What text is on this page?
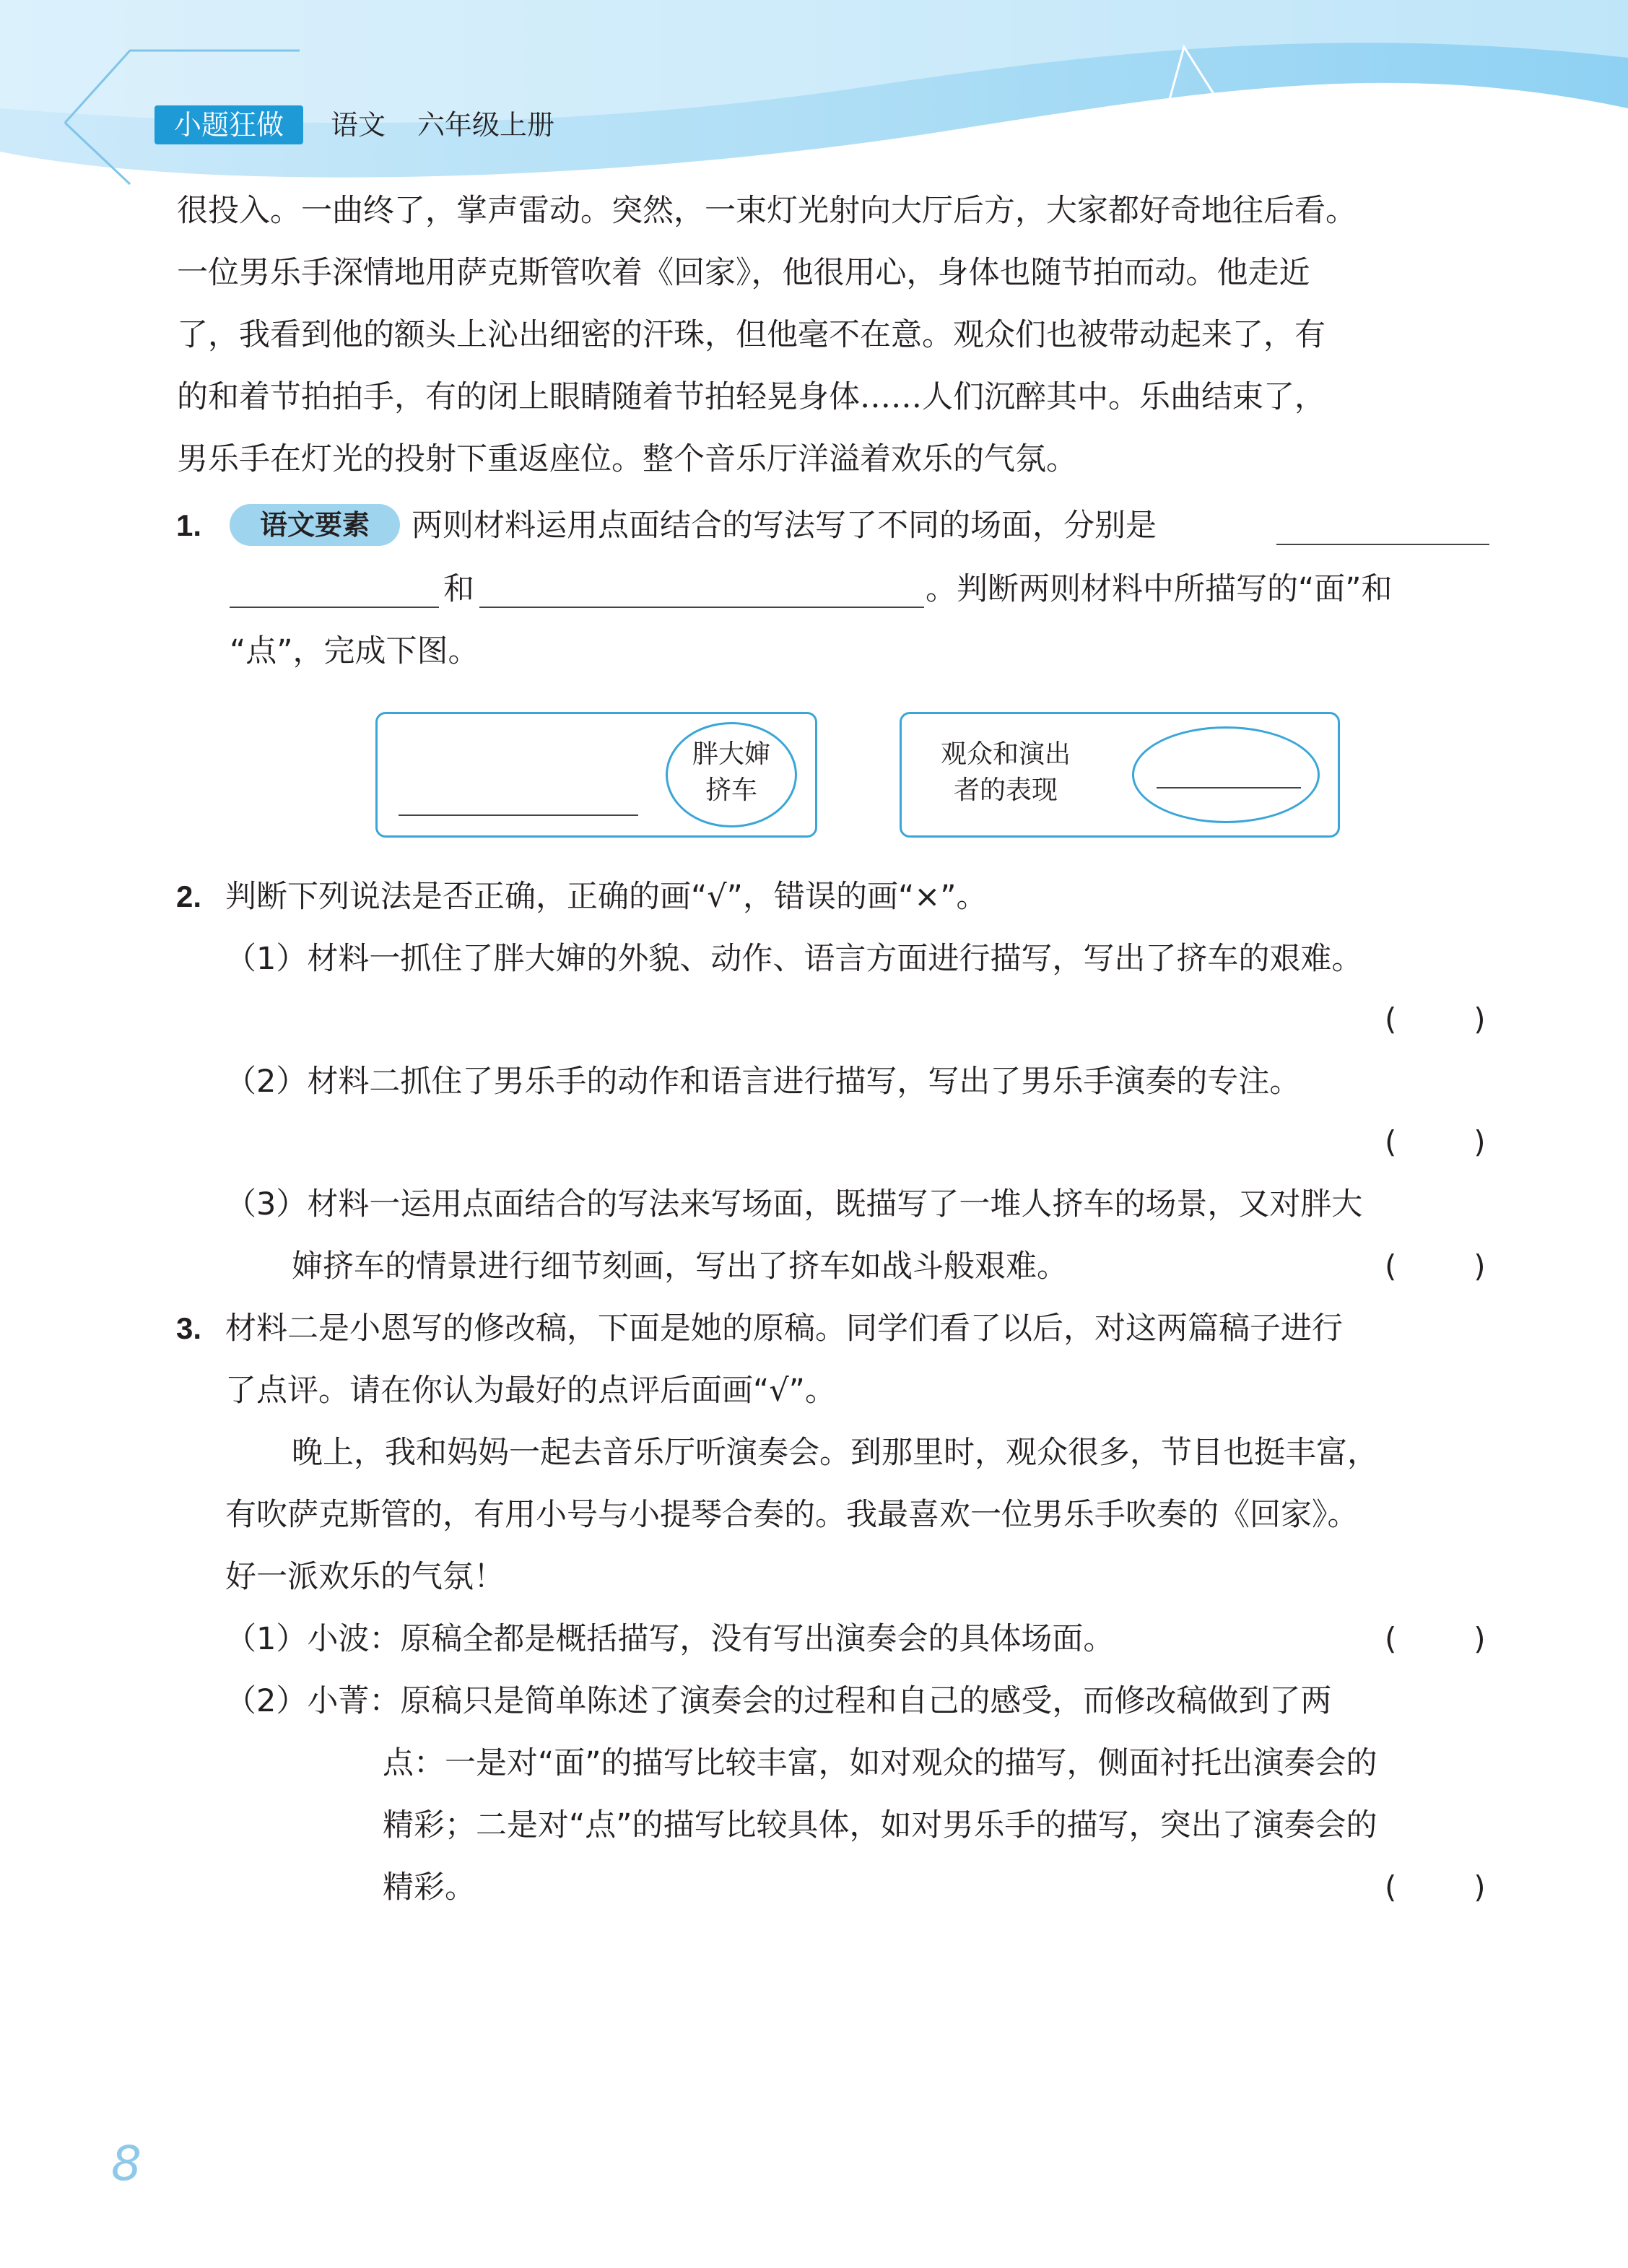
小题狂做	语文 六年级上册
很投入。一曲终了，掌声雷动。突然，一束灯光射向大厅后方，大家都好奇地往后看。
一位男乐手深情地用萨克斯管吹着《回家》，他很用心，身体也随节拍而动。他走近
了，我看到他的额头上沁出细密的汗珠，但他毫不在意。观众们也被带动起来了，有
的和着节拍拍手，有的闭上眼睛随着节拍轻晃身体……人们沉醉其中。乐曲结束了，
男乐手在灯光的投射下重返座位。整个音乐厅洋溢着欢乐的气氛。
1.	语文要素	两则材料运用点面结合的写法写了不同的场面，分别是
和	。判断两则材料中所描写的“面”和
“点”，完成下图。
胖大婶
挤车
观众和演出
者的表现
2. 判断下列说法是否正确，正确的画“√”，错误的画“×”。
（1）材料一抓住了胖大婶的外貌、动作、语言方面进行描写，写出了挤车的艰难。
(        )
（2）材料二抓住了男乐手的动作和语言进行描写，写出了男乐手演奏的专注。
(        )
（3）材料一运用点面结合的写法来写场面，既描写了一堆人挤车的场景，又对胖大
婶挤车的情景进行细节刻画，写出了挤车如战斗般艰难。	(        )
3. 材料二是小恩写的修改稿，下面是她的原稿。同学们看了以后，对这两篇稿子进行
了点评。请在你认为最好的点评后面画“√”。
晚上，我和妈妈一起去音乐厅听演奏会。到那里时，观众很多，节目也挺丰富，
有吹萨克斯管的，有用小号与小提琴合奏的。我最喜欢一位男乐手吹奏的《回家》。
好一派欢乐的气氛！
（1）小波：原稿全都是概括描写，没有写出演奏会的具体场面。	(        )
（2）小菁：原稿只是简单陈述了演奏会的过程和自己的感受，而修改稿做到了两
点：一是对“面”的描写比较丰富，如对观众的描写，侧面衬托出演奏会的
精彩；二是对“点”的描写比较具体，如对男乐手的描写，突出了演奏会的
精彩。	(        )
8
